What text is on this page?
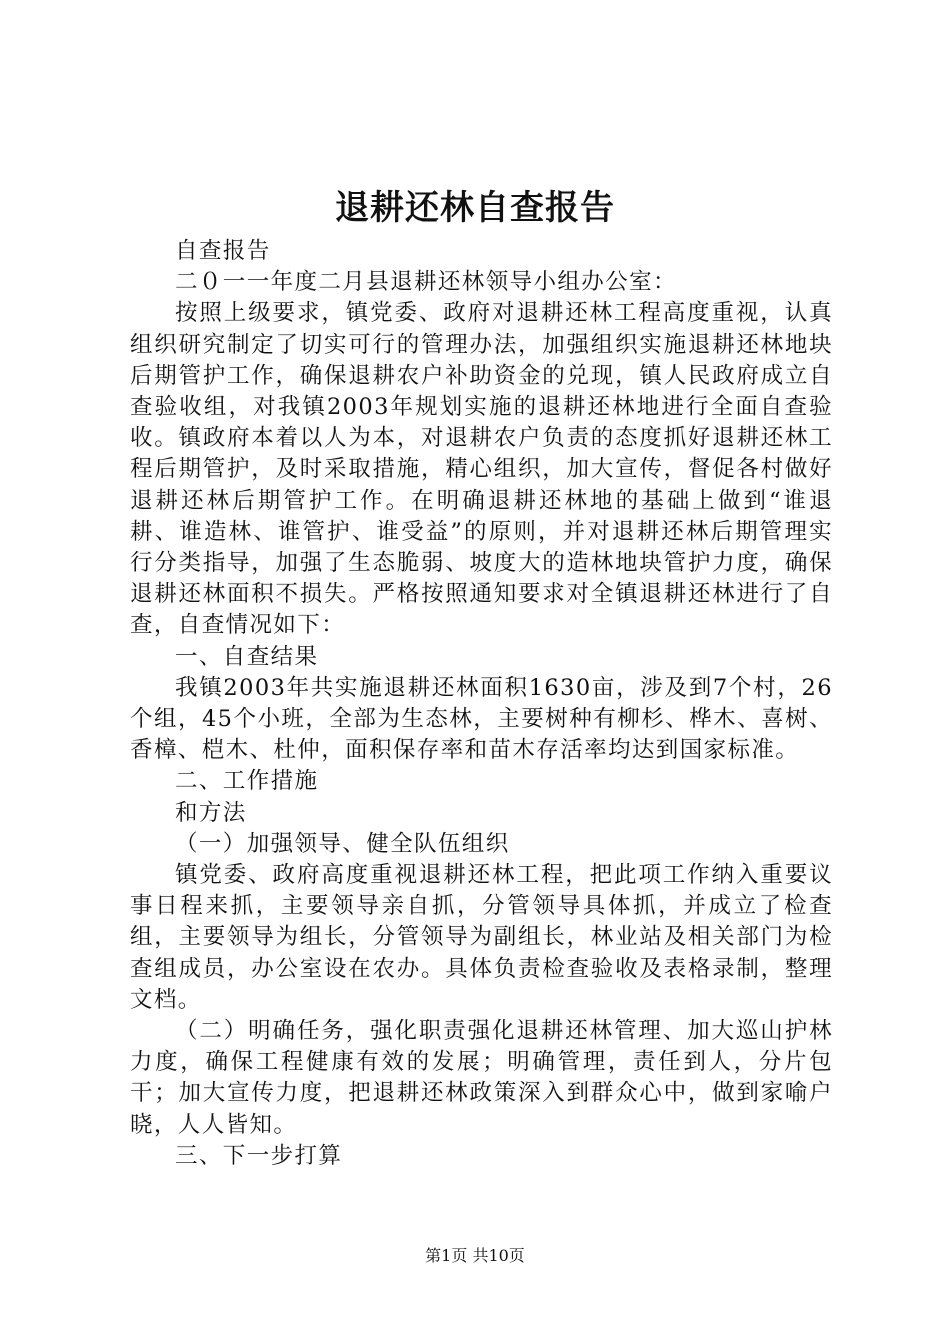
退耕还林自查报告

自查报告

二０一一年度二月县退耕还林领导小组办公室：

按照上级要求，镇党委、政府对退耕还林工程高度重视，认真组织研究制定了切实可行的管理办法，加强组织实施退耕还林地块后期管护工作，确保退耕农户补助资金的兑现，镇人民政府成立自查验收组，对我镇2003年规划实施的退耕还林地进行全面自查验收。镇政府本着以人为本，对退耕农户负责的态度抓好退耕还林工程后期管护，及时采取措施，精心组织，加大宣传，督促各村做好退耕还林后期管护工作。在明确退耕还林地的基础上做到“谁退耕、谁造林、谁管护、谁受益”的原则，并对退耕还林后期管理实行分类指导，加强了生态脆弱、坡度大的造林地块管护力度，确保退耕还林面积不损失。严格按照通知要求对全镇退耕还林进行了自查，自查情况如下：

一、自查结果

我镇2003年共实施退耕还林面积1630亩，涉及到7个村，26个组，45个小班，全部为生态林，主要树种有柳杉、桦木、喜树、香樟、桤木、杜仲，面积保存率和苗木存活率均达到国家标准。

二、工作措施

和方法

（一）加强领导、健全队伍组织

镇党委、政府高度重视退耕还林工程，把此项工作纳入重要议事日程来抓，主要领导亲自抓，分管领导具体抓，并成立了检查组，主要领导为组长，分管领导为副组长，林业站及相关部门为检查组成员，办公室设在农办。具体负责检查验收及表格录制，整理文档。

（二）明确任务，强化职责强化退耕还林管理、加大巡山护林力度，确保工程健康有效的发展；明确管理，责任到人，分片包干；加大宣传力度，把退耕还林政策深入到群众心中，做到家喻户晓，人人皆知。

三、下一步打算

第1页 共10页
